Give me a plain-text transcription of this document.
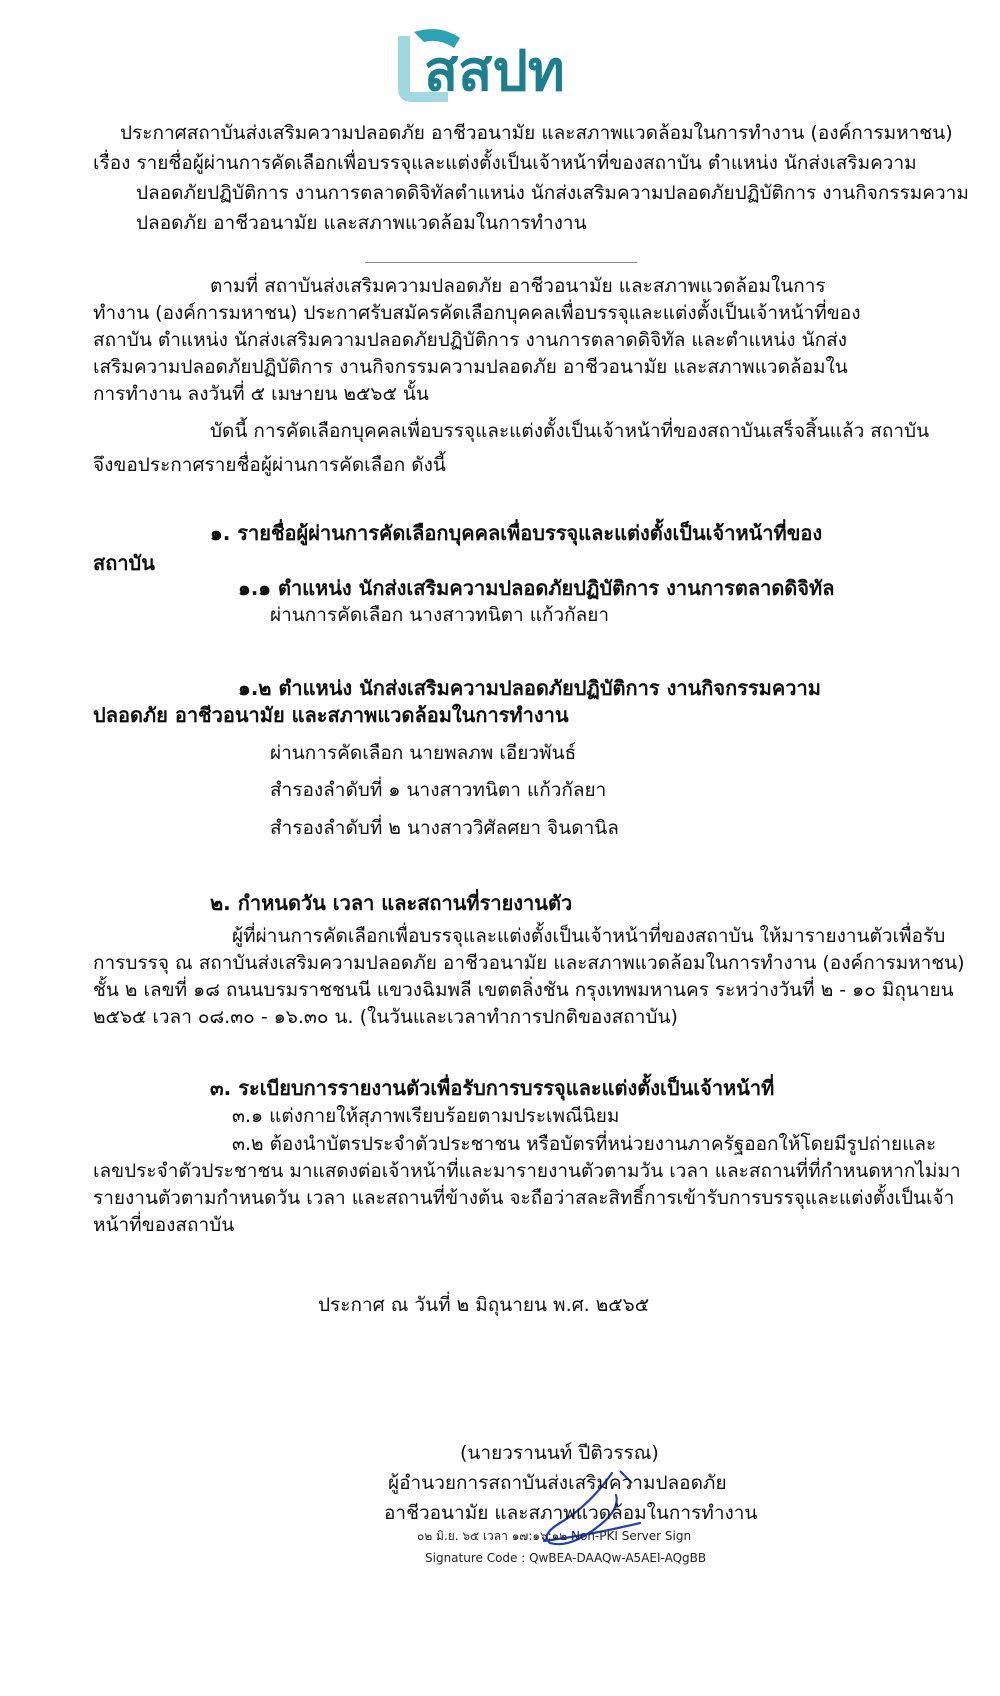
สสปท
ประกาศสถาบันส่งเสริมความปลอดภัย อาชีวอนามัย และสภาพแวดล้อมในการทำงาน (องค์การมหาชน)
เรื่อง รายชื่อผู้ผ่านการคัดเลือกเพื่อบรรจุและแต่งตั้งเป็นเจ้าหน้าที่ของสถาบัน ตำแหน่ง นักส่งเสริมความ
ปลอดภัยปฏิบัติการ งานการตลาดดิจิทัลตำแหน่ง นักส่งเสริมความปลอดภัยปฏิบัติการ งานกิจกรรมความ
ปลอดภัย อาชีวอนามัย และสภาพแวดล้อมในการทำงาน
ตามที่ สถาบันส่งเสริมความปลอดภัย อาชีวอนามัย และสภาพแวดล้อมในการ
ทำงาน (องค์การมหาชน) ประกาศรับสมัครคัดเลือกบุคคลเพื่อบรรจุและแต่งตั้งเป็นเจ้าหน้าที่ของ
สถาบัน ตำแหน่ง นักส่งเสริมความปลอดภัยปฏิบัติการ งานการตลาดดิจิทัล และตำแหน่ง นักส่ง
เสริมความปลอดภัยปฏิบัติการ งานกิจกรรมความปลอดภัย อาชีวอนามัย และสภาพแวดล้อมใน
การทำงาน ลงวันที่ ๕ เมษายน ๒๕๖๕ นั้น
บัดนี้ การคัดเลือกบุคคลเพื่อบรรจุและแต่งตั้งเป็นเจ้าหน้าที่ของสถาบันเสร็จสิ้นแล้ว สถาบัน
จึงขอประกาศรายชื่อผู้ผ่านการคัดเลือก ดังนี้
๑. รายชื่อผู้ผ่านการคัดเลือกบุคคลเพื่อบรรจุและแต่งตั้งเป็นเจ้าหน้าที่ของ
สถาบัน
๑.๑ ตำแหน่ง นักส่งเสริมความปลอดภัยปฏิบัติการ งานการตลาดดิจิทัล
ผ่านการคัดเลือก นางสาวทนิตา แก้วกัลยา
๑.๒ ตำแหน่ง นักส่งเสริมความปลอดภัยปฏิบัติการ งานกิจกรรมความ
ปลอดภัย อาชีวอนามัย และสภาพแวดล้อมในการทำงาน
ผ่านการคัดเลือก นายพลภพ เอียวพันธ์
สำรองลำดับที่ ๑ นางสาวทนิตา แก้วกัลยา
สำรองลำดับที่ ๒ นางสาววิศัลศยา จินดานิล
๒. กำหนดวัน เวลา และสถานที่รายงานตัว
ผู้ที่ผ่านการคัดเลือกเพื่อบรรจุและแต่งตั้งเป็นเจ้าหน้าที่ของสถาบัน ให้มารายงานตัวเพื่อรับ
การบรรจุ ณ สถาบันส่งเสริมความปลอดภัย อาชีวอนามัย และสภาพแวดล้อมในการทำงาน (องค์การมหาชน)
ชั้น ๒ เลขที่ ๑๘ ถนนบรมราชชนนี แขวงฉิมพลี เขตตลิ่งชัน กรุงเทพมหานคร ระหว่างวันที่ ๒ - ๑๐ มิถุนายน
๒๕๖๕ เวลา ๐๘.๓๐ - ๑๖.๓๐ น. (ในวันและเวลาทำการปกติของสถาบัน)
๓. ระเบียบการรายงานตัวเพื่อรับการบรรจุและแต่งตั้งเป็นเจ้าหน้าที่
๓.๑ แต่งกายให้สุภาพเรียบร้อยตามประเพณีนิยม
๓.๒ ต้องนำบัตรประจำตัวประชาชน หรือบัตรที่หน่วยงานภาครัฐออกให้โดยมีรูปถ่ายและ
เลขประจำตัวประชาชน มาแสดงต่อเจ้าหน้าที่และมารายงานตัวตามวัน เวลา และสถานที่ที่กำหนดหากไม่มา
รายงานตัวตามกำหนดวัน เวลา และสถานที่ข้างต้น จะถือว่าสละสิทธิ์การเข้ารับการบรรจุและแต่งตั้งเป็นเจ้า
หน้าที่ของสถาบัน
ประกาศ ณ วันที่ ๒ มิถุนายน พ.ศ. ๒๕๖๕
(นายวรานนท์ ปีติวรรณ)
ผู้อำนวยการสถาบันส่งเสริมความปลอดภัย
อาชีวอนามัย และสภาพแวดล้อมในการทำงาน
๐๒ มิ.ย. ๖๕ เวลา ๑๗:๑๖:๑๒ Non-PKI Server Sign
Signature Code : QwBEA-DAAQw-A5AEI-AQgBB
